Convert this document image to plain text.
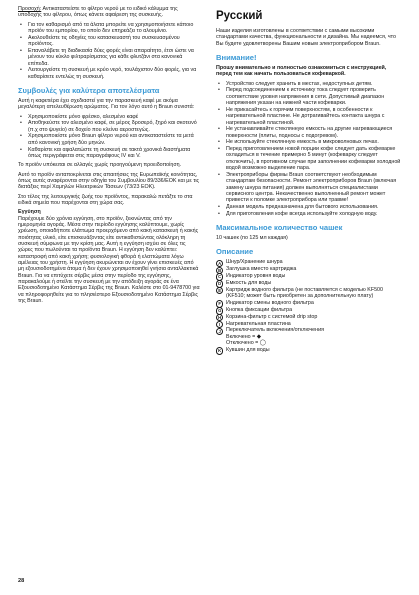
Προσοχή: Αντικαταστείστε το φίλτρο νερού με το ειδικό κάλυμμα της υποδοχής του φίλτρου, όπως κάνετε αφαίρεση της συσκευής.

• Για τον καθαρισμό από τα άλατα μπορείτε να χρησιμοποιήσετε κάποιο προϊόν του εμπορίου, το οποίο δεν επηρεάζει το αλουμίνιο.
• Ακολουθείστε τις οδηγίες του κατασκευαστή του συσκευασμένου προϊόντος.
• Επαναλάβετε τη διαδικασία δύες φορές είναι απαραίτητο, έτσι ώστε να μένουν του κύκλο φιλτραρίσματος για κάθε φλυτζάνι στα κανονικά επίπεδα.
• Λειτουργείστε τη συσκευή με κρύο νερό, τουλάχιστον δύο φορές, για να καθαρίσετε εντελώς τη συσκευή.
Συμβουλές για καλύτερα αποτελέσματα

Αυτή η καφετιέρα έχει σχεδιαστεί για την παρασκευή καφέ με ακόμα μεγαλύτερη απελευθέρωση αρώματος. Για τον λόγο αυτό η Braun συνιστά:

• Χρησιμοποιείστε μόνο φρέσκο, αλεσμένο καφέ
• Αποθηκεύστε τον αλεσμένο καφέ, σε μέρος δροσερό, ξηρό και σκοτεινό (π.χ στο ψυγείο) σε δοχείο που κλείνει αεροστεγώς.
• Χρησιμοποιείστε μόνο Braun φίλτρο νερού και αντικαταστείστε τα μετά από κανονική χρήση δύο μηνών.
• Καθαρίστε και αφαλατώστε τη συσκευή σε τακτά χρονικά διαστήματα όπως περιγράφεται στις παραγράφους IV και V.

Το προϊόν υπόκειται σε αλλαγές χωρίς προηγούμενη προειδοποίηση.

Αυτό το προϊόν ανταποκρίνεται στις απαιτήσεις της Ευρωπαϊκής κοινότητας, όπως αυτές αναφέρονται στην οδηγία του Συμβουλίου 89/336/ΕΟΚ και με τις διατάξεις περί Χαμηλών Ηλεκτρικών Τάσεων (73/23 EOK).

Στο τέλος της λειτουργικής ζωής του προϊόντος, παρακαλώ πετάξτε το στα ειδικά σημεία που παρέχονται στη χώρα σας.

Εγγύηση

Παρέχουμε δύο χρόνια εγγύηση, στο προϊόν, ξεκινώντας από την ημερομηνία αγοράς. Μέσα στην περίοδο εγγύησης καλύπτουμε, χωρίς χρέωση, οποιαδήποτε ελάττωμα προερχόμενο από κακή κατασκευή ή κακής ποιότητας υλικό, είτε επισκευάζοντας είτε αντικαθιστώντας ολόκληρη τη συσκευή σύμφωνα με την κρίση μας. Αυτή η εγγύηση ισχύει σε όλες τις χώρες που πωλούνται τα προϊόντα Braun. Η εγγύηση δεν καλύπτει: καταστροφή από κακή χρήση; φυσιολογική φθορά ή ελαττώματα λόγω αμέλειας του χρήστη. Η εγγύηση ακυρώνεται αν έχουν γίνει επισκευές από μη εξουσιοδοτημένα άτομα ή δεν έχουν χρησιμοποιηθεί γνήσια ανταλλακτικά Braun. Για να επιτύχετε σέρβις μέσα στην περίοδο της εγγύησης, παρακαλούμε ή στείλτε την συσκευή με την απόδειξη αγοράς σε ένα Εξουσιοδοτημένο Κατάστημα Σέρβις της Braun. Καλέστε στο 01-9478700 για να πληροφορηθείτε για το πλησιέστερο Εξουσιοδοτημένο Κατάστημα Σέρβις της Braun.

Русский

Наши изделия изготовлены в соответствии с самыми высокими стандартами качества, функциональности и дизайна. Мы надеемся, что Вы будете удовлетворены Вашим новым электроприбором Braun.

Внимание!

Прошу внимательно и полностью ознакомиться с инструкцией, перед тем как начать пользоваться кофеваркой.

• Устройство следует хранить в местах, недоступных детям.
• Перед подсоединением к источнику тока следует проверить соответствие уровня напряжения в сети. Допустимый диапазон напряжения указан на нижней части кофеварки.
• Не прикасайтесь к горячим поверхностям, в особенности к нагревательной пластине. Не дотрагивайтесь контакта шнура с нагревательной пластиной.
• Не устанавливайте стеклянную емкость на другие нагревающиеся поверхности (плиты, подносы с подогревом).
• Не используйте стеклянную емкость в микроволновых печах.
• Перед приготовлением новой порции кофе следует дать кофеварке охладиться в течение примерно 5 минут (кофеварку следует отключить), в противном случае при заполнении кофеварки холодной водой возможно выделение пара.
• Электроприборы фирмы Braun соответствуют необходимым стандартам безопасности. Ремонт электроприборов Braun (включая замену шнура питания) должен выполняться специалистами сервисного центра. Некачественно выполненный ремонт может привести к поломке электроприбора или травме!
• Данная модель предназначена для бытового использования.
• Для приготовления кофе всегда используйте холодную воду.
Максимальное количество чашек

10 чашек (по 125 мл каждая)

Описание
A Шнур/Хранение шнура
B Заглушка вместо картриджа
C Индикатор уровня воды
D Емкость для воды
E Картридж водного фильтра (не поставляется с моделью KF500 (KF510; может быть приобретен за дополнительную плату)
F Индикатор смены водного фильтра
G Кнопка фиксации фильтра
H Корзина-фильтр с системой drip stop
I	Нагревательная пластина
J Переключатель включения/отключения
Включено = ◆
Отключено = ◯
K Кувшин для воды
28
